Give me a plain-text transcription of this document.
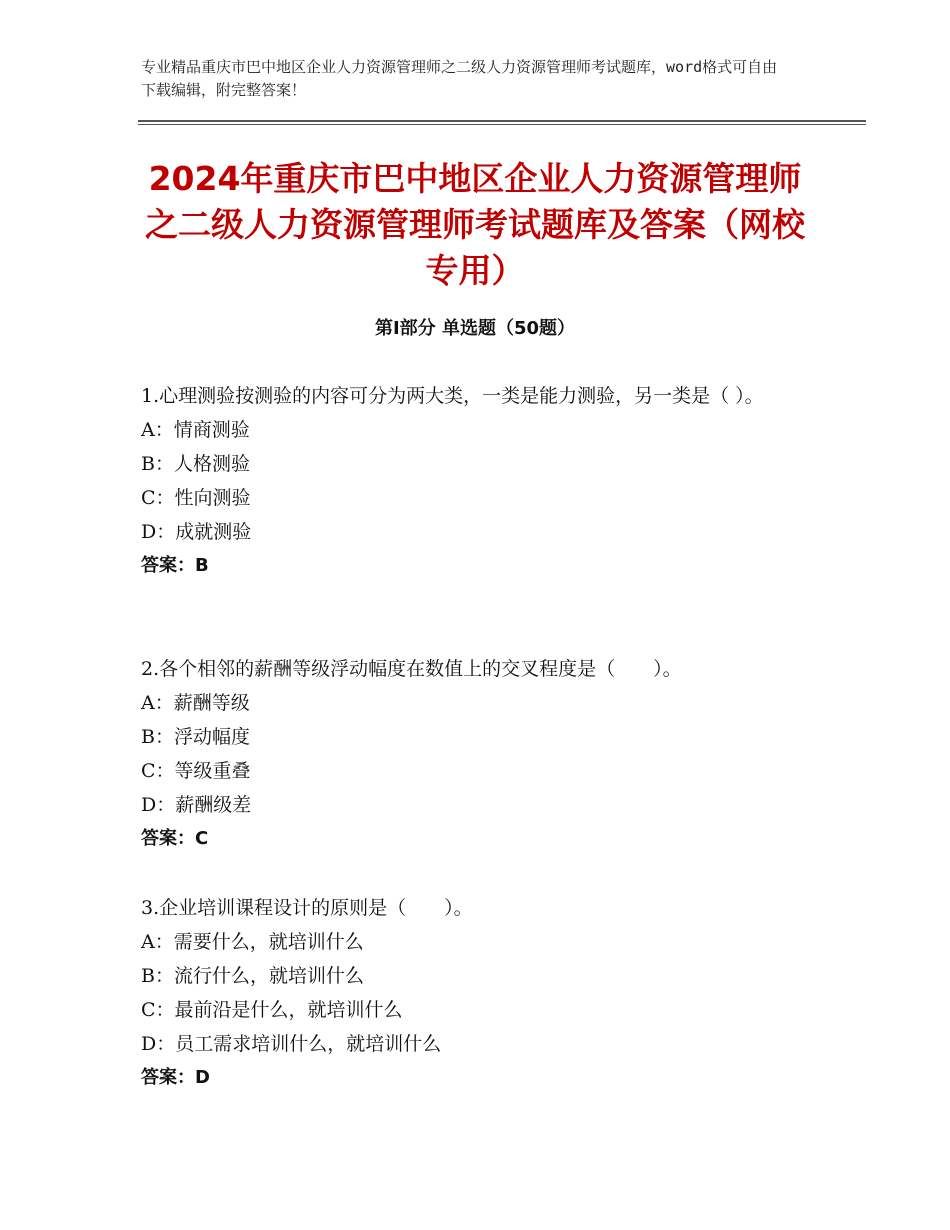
专业精品重庆市巴中地区企业人力资源管理师之二级人力资源管理师考试题库，word格式可自由下载编辑，附完整答案！
2024年重庆市巴中地区企业人力资源管理师之二级人力资源管理师考试题库及答案（网校专用）
第Ⅰ部分 单选题（50题）
1.心理测验按测验的内容可分为两大类，一类是能力测验，另一类是（ ）。
A：情商测验
B：人格测验
C：性向测验
D：成就测验
答案：B
2.各个相邻的薪酬等级浮动幅度在数值上的交叉程度是（　　）。
A：薪酬等级
B：浮动幅度
C：等级重叠
D：薪酬级差
答案：C
3.企业培训课程设计的原则是（　　）。
A：需要什么，就培训什么
B：流行什么，就培训什么
C：最前沿是什么，就培训什么
D：员工需求培训什么，就培训什么
答案：D
